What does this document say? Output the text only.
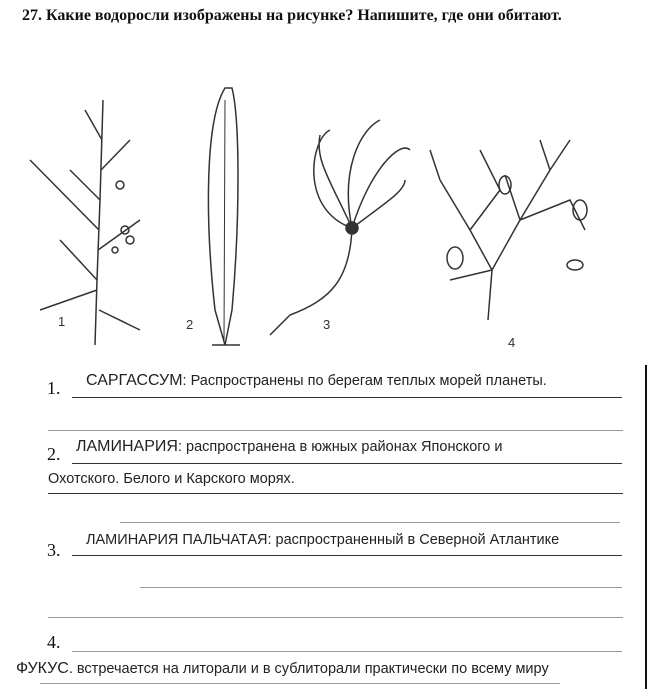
27. Какие водоросли изображены на рисунке? Напишите, где они обитают.
1	2	3
4
1. САРГАССУМ: Распространены по берегам теплых морей планеты.
2. ЛАМИНАРИЯ: распространена в южных районах Японского и
Охотского. Белого и Карского морях.
3. ЛАМИНАРИЯ ПАЛЬЧАТАЯ: распространенный в Северной Атлантике
4.
ФУКУС. встречается на литорали и в сублиторали практически по всему миру
